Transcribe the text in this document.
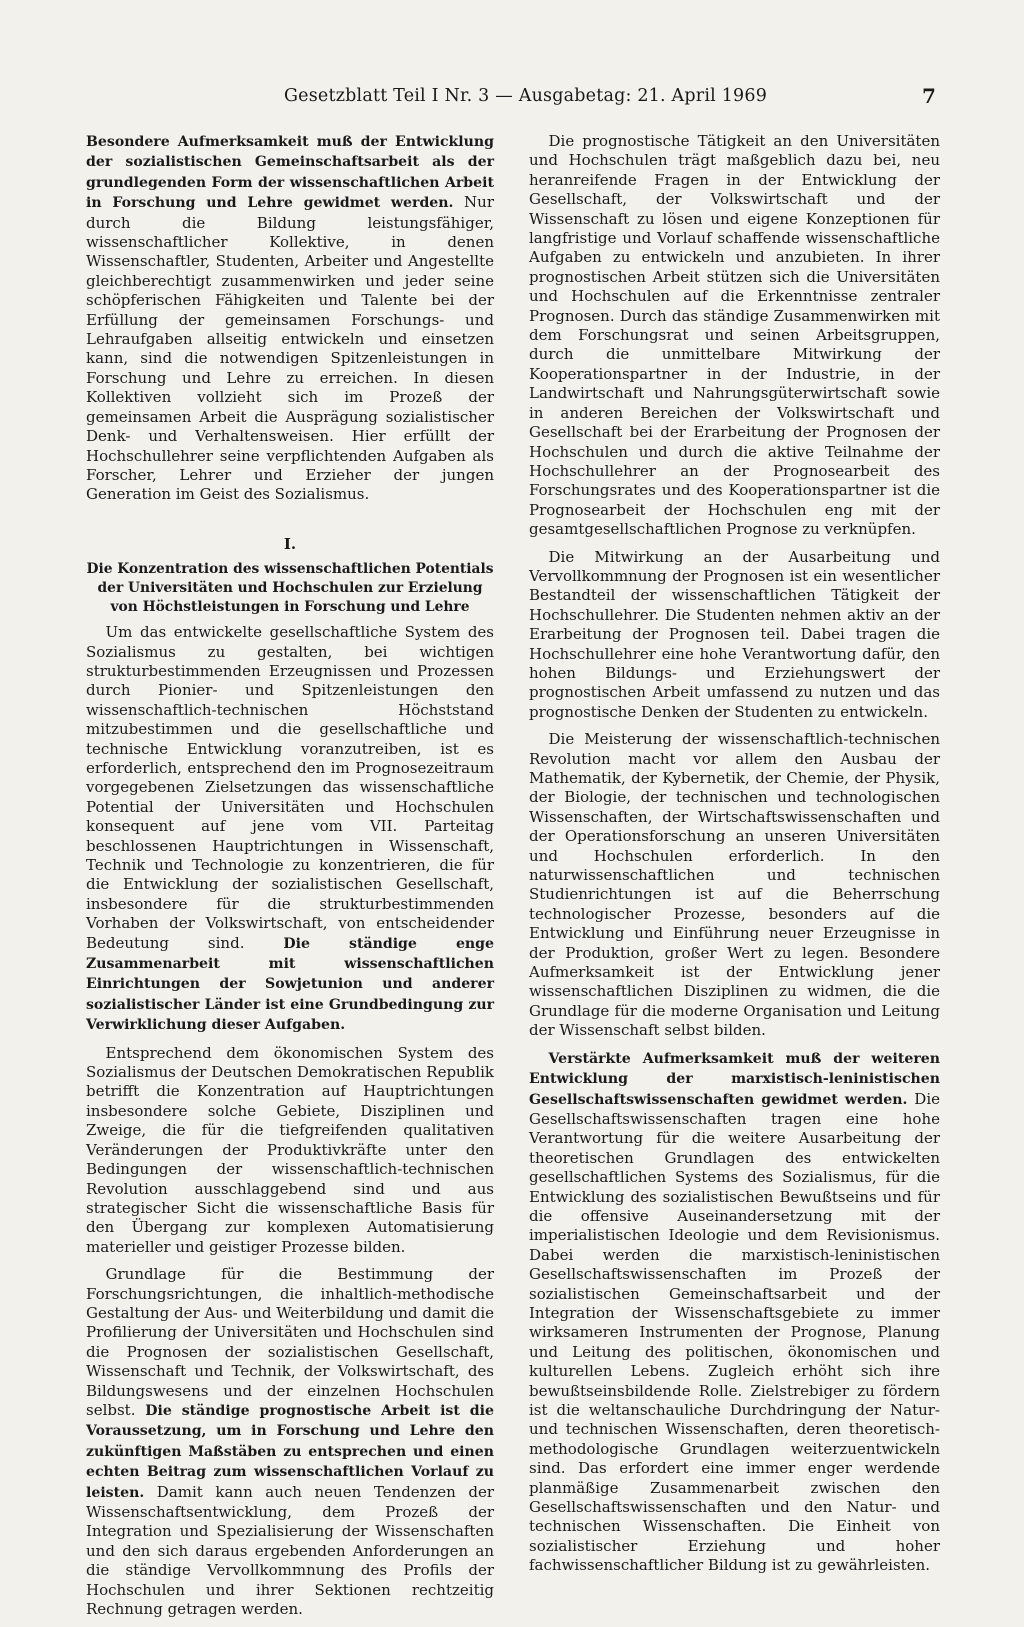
Gesetzblatt Teil I Nr. 3 — Ausgabetag: 21. April 1969	7

Besondere Aufmerksamkeit muß der Entwicklung der sozialistischen Gemeinschaftsarbeit als der grundlegenden Form der wissenschaftlichen Arbeit in Forschung und Lehre gewidmet werden. Nur durch die Bildung leistungsfähiger, wissenschaftlicher Kollektive, in denen Wissenschaftler, Studenten, Arbeiter und Angestellte gleichberechtigt zusammenwirken und jeder seine schöpferischen Fähigkeiten und Talente bei der Erfüllung der gemeinsamen Forschungs- und Lehraufgaben allseitig entwickeln und einsetzen kann, sind die notwendigen Spitzenleistungen in Forschung und Lehre zu erreichen. In diesen Kollektiven vollzieht sich im Prozeß der gemeinsamen Arbeit die Ausprägung sozialistischer Denk- und Verhaltensweisen. Hier erfüllt der Hochschullehrer seine verpflichtenden Aufgaben als Forscher, Lehrer und Erzieher der jungen Generation im Geist des Sozialismus.

I.
Die Konzentration des wissenschaftlichen Potentials der Universitäten und Hochschulen zur Erzielung von Höchstleistungen in Forschung und Lehre

Um das entwickelte gesellschaftliche System des Sozialismus zu gestalten, bei wichtigen strukturbestimmenden Erzeugnissen und Prozessen durch Pionier- und Spitzenleistungen den wissenschaftlich-technischen Höchststand mitzubestimmen und die gesellschaftliche und technische Entwicklung voranzutreiben, ist es erforderlich, entsprechend den im Prognosezeitraum vorgegebenen Zielsetzungen das wissenschaftliche Potential der Universitäten und Hochschulen konsequent auf jene vom VII. Parteitag beschlossenen Hauptrichtungen in Wissenschaft, Technik und Technologie zu konzentrieren, die für die Entwicklung der sozialistischen Gesellschaft, insbesondere für die strukturbestimmenden Vorhaben der Volkswirtschaft, von entscheidender Bedeutung sind. Die ständige enge Zusammenarbeit mit wissenschaftlichen Einrichtungen der Sowjetunion und anderer sozialistischer Länder ist eine Grundbedingung zur Verwirklichung dieser Aufgaben.

Entsprechend dem ökonomischen System des Sozialismus der Deutschen Demokratischen Republik betrifft die Konzentration auf Hauptrichtungen insbesondere solche Gebiete, Disziplinen und Zweige, die für die tiefgreifenden qualitativen Veränderungen der Produktivkräfte unter den Bedingungen der wissenschaftlich-technischen Revolution ausschlaggebend sind und aus strategischer Sicht die wissenschaftliche Basis für den Übergang zur komplexen Automatisierung materieller und geistiger Prozesse bilden.

Grundlage für die Bestimmung der Forschungsrichtungen, die inhaltlich-methodische Gestaltung der Aus- und Weiterbildung und damit die Profilierung der Universitäten und Hochschulen sind die Prognosen der sozialistischen Gesellschaft, Wissenschaft und Technik, der Volkswirtschaft, des Bildungswesens und der einzelnen Hochschulen selbst. Die ständige prognostische Arbeit ist die Voraussetzung, um in Forschung und Lehre den zukünftigen Maßstäben zu entsprechen und einen echten Beitrag zum wissenschaftlichen Vorlauf zu leisten. Damit kann auch neuen Tendenzen der Wissenschaftsentwicklung, dem Prozeß der Integration und Spezialisierung der Wissenschaften und den sich daraus ergebenden Anforderungen an die ständige Vervollkommnung des Profils der Hochschulen und ihrer Sektionen rechtzeitig Rechnung getragen werden.

Die prognostische Tätigkeit an den Universitäten und Hochschulen trägt maßgeblich dazu bei, neu heranreifende Fragen in der Entwicklung der Gesellschaft, der Volkswirtschaft und der Wissenschaft zu lösen und eigene Konzeptionen für langfristige und Vorlauf schaffende wissenschaftliche Aufgaben zu entwickeln und anzubieten. In ihrer prognostischen Arbeit stützen sich die Universitäten und Hochschulen auf die Erkenntnisse zentraler Prognosen. Durch das ständige Zusammenwirken mit dem Forschungsrat und seinen Arbeitsgruppen, durch die unmittelbare Mitwirkung der Kooperationspartner in der Industrie, in der Landwirtschaft und Nahrungsgüterwirtschaft sowie in anderen Bereichen der Volkswirtschaft und Gesellschaft bei der Erarbeitung der Prognosen der Hochschulen und durch die aktive Teilnahme der Hochschullehrer an der Prognosearbeit des Forschungsrates und des Kooperationspartner ist die Prognosearbeit der Hochschulen eng mit der gesamtgesellschaftlichen Prognose zu verknüpfen.

Die Mitwirkung an der Ausarbeitung und Vervollkommnung der Prognosen ist ein wesentlicher Bestandteil der wissenschaftlichen Tätigkeit der Hochschullehrer. Die Studenten nehmen aktiv an der Erarbeitung der Prognosen teil. Dabei tragen die Hochschullehrer eine hohe Verantwortung dafür, den hohen Bildungs- und Erziehungswert der prognostischen Arbeit umfassend zu nutzen und das prognostische Denken der Studenten zu entwickeln.

Die Meisterung der wissenschaftlich-technischen Revolution macht vor allem den Ausbau der Mathematik, der Kybernetik, der Chemie, der Physik, der Biologie, der technischen und technologischen Wissenschaften, der Wirtschaftswissenschaften und der Operationsforschung an unseren Universitäten und Hochschulen erforderlich. In den naturwissenschaftlichen und technischen Studienrichtungen ist auf die Beherrschung technologischer Prozesse, besonders auf die Entwicklung und Einführung neuer Erzeugnisse in der Produktion, großer Wert zu legen. Besondere Aufmerksamkeit ist der Entwicklung jener wissenschaftlichen Disziplinen zu widmen, die die Grundlage für die moderne Organisation und Leitung der Wissenschaft selbst bilden.

Verstärkte Aufmerksamkeit muß der weiteren Entwicklung der marxistisch-leninistischen Gesellschaftswissenschaften gewidmet werden. Die Gesellschaftswissenschaften tragen eine hohe Verantwortung für die weitere Ausarbeitung der theoretischen Grundlagen des entwickelten gesellschaftlichen Systems des Sozialismus, für die Entwicklung des sozialistischen Bewußtseins und für die offensive Auseinandersetzung mit der imperialistischen Ideologie und dem Revisionismus. Dabei werden die marxistisch-leninistischen Gesellschaftswissenschaften im Prozeß der sozialistischen Gemeinschaftsarbeit und der Integration der Wissenschaftsgebiete zu immer wirksameren Instrumenten der Prognose, Planung und Leitung des politischen, ökonomischen und kulturellen Lebens. Zugleich erhöht sich ihre bewußtseinsbildende Rolle. Zielstrebiger zu fördern ist die weltanschauliche Durchdringung der Natur- und technischen Wissenschaften, deren theoretisch-methodologische Grundlagen weiterzuentwickeln sind. Das erfordert eine immer enger werdende planmäßige Zusammenarbeit zwischen den Gesellschaftswissenschaften und den Natur- und technischen Wissenschaften. Die Einheit von sozialistischer Erziehung und hoher fachwissenschaftlicher Bildung ist zu gewährleisten.
